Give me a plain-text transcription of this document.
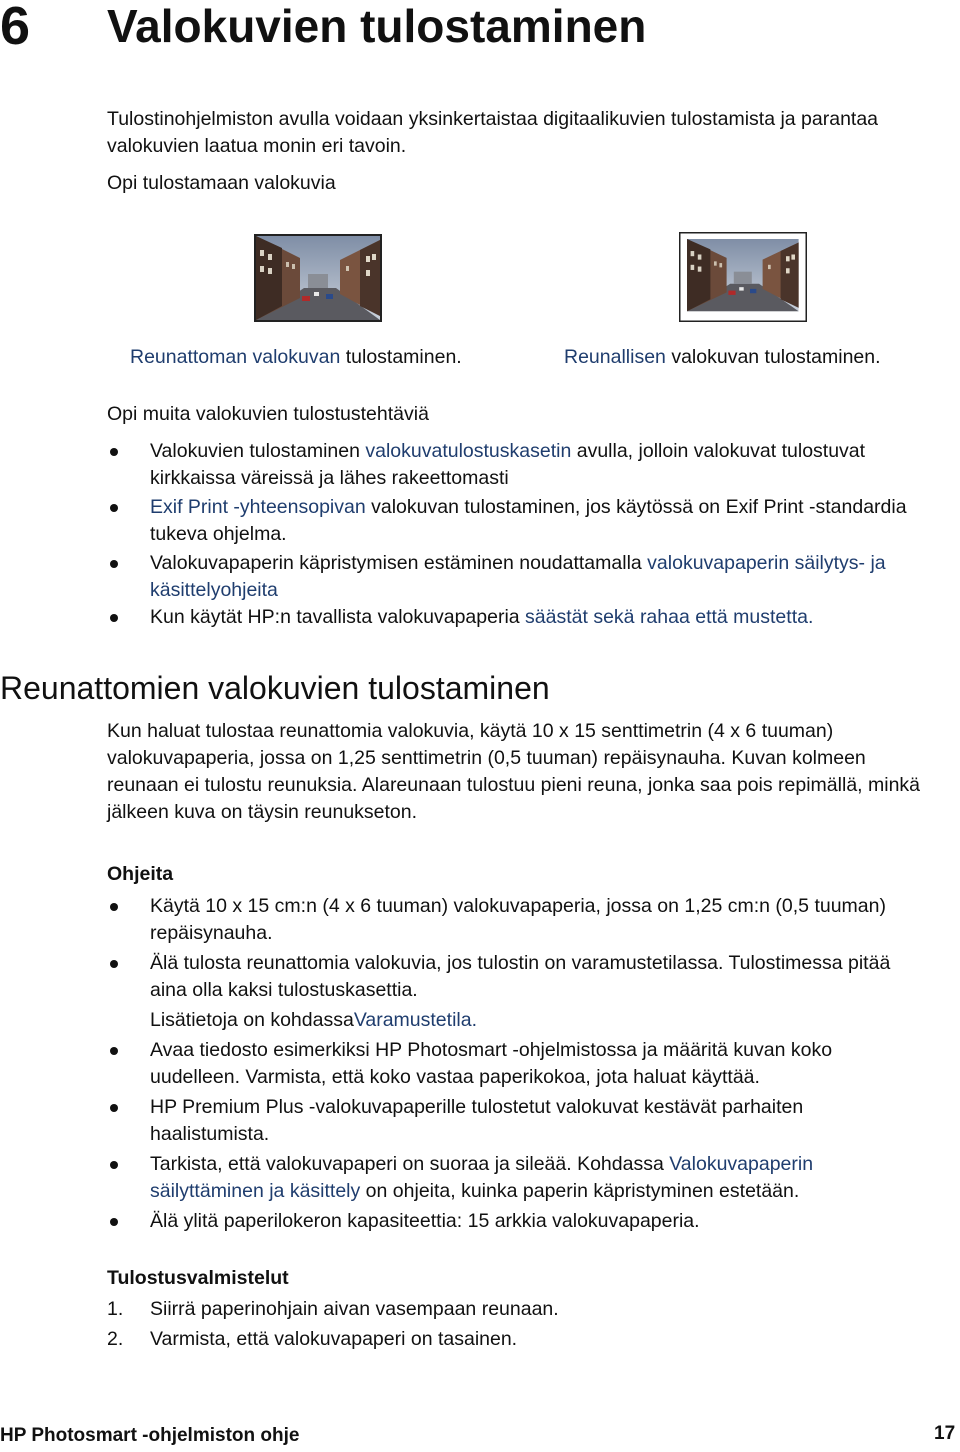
6 Valokuvien tulostaminen
Tulostinohjelmiston avulla voidaan yksinkertaistaa digitaalikuvien tulostamista ja parantaa valokuvien laatua monin eri tavoin.
Opi tulostamaan valokuvia
Reunattoman valokuvan tulostaminen.	Reunallisen valokuvan tulostaminen.
Opi muita valokuvien tulostustehtäviä
Valokuvien tulostaminen valokuvatulostuskasetin avulla, jolloin valokuvat tulostuvat kirkkaissa väreissä ja lähes rakeettomasti
Exif Print -yhteensopivan valokuvan tulostaminen, jos käytössä on Exif Print -standardia tukeva ohjelma.
Valokuvapaperin käpristymisen estäminen noudattamalla valokuvapaperin säilytys- ja käsittelyohjeita
Kun käytät HP:n tavallista valokuvapaperia säästät sekä rahaa että mustetta.
Reunattomien valokuvien tulostaminen
Kun haluat tulostaa reunattomia valokuvia, käytä 10 x 15 senttimetrin (4 x 6 tuuman) valokuvapaperia, jossa on 1,25 senttimetrin (0,5 tuuman) repäisynauha. Kuvan kolmeen reunaan ei tulostu reunuksia. Alareunaan tulostuu pieni reuna, jonka saa pois repimällä, minkä jälkeen kuva on täysin reunukseton.
Ohjeita
Käytä 10 x 15 cm:n (4 x 6 tuuman) valokuvapaperia, jossa on 1,25 cm:n (0,5 tuuman) repäisynauha.
Älä tulosta reunattomia valokuvia, jos tulostin on varamustetilassa. Tulostimessa pitää aina olla kaksi tulostuskasettia.
Lisätietoja on kohdassaVaramustetila.
Avaa tiedosto esimerkiksi HP Photosmart -ohjelmistossa ja määritä kuvan koko uudelleen. Varmista, että koko vastaa paperikokoa, jota haluat käyttää.
HP Premium Plus -valokuvapaperille tulostetut valokuvat kestävät parhaiten haalistumista.
Tarkista, että valokuvapaperi on suoraa ja sileää. Kohdassa Valokuvapaperin säilyttäminen ja käsittely on ohjeita, kuinka paperin käpristyminen estetään.
Älä ylitä paperilokeron kapasiteettia: 15 arkkia valokuvapaperia.
Tulostusvalmistelut
1. Siirrä paperinohjain aivan vasempaan reunaan.
2. Varmista, että valokuvapaperi on tasainen.
HP Photosmart -ohjelmiston ohje	17
